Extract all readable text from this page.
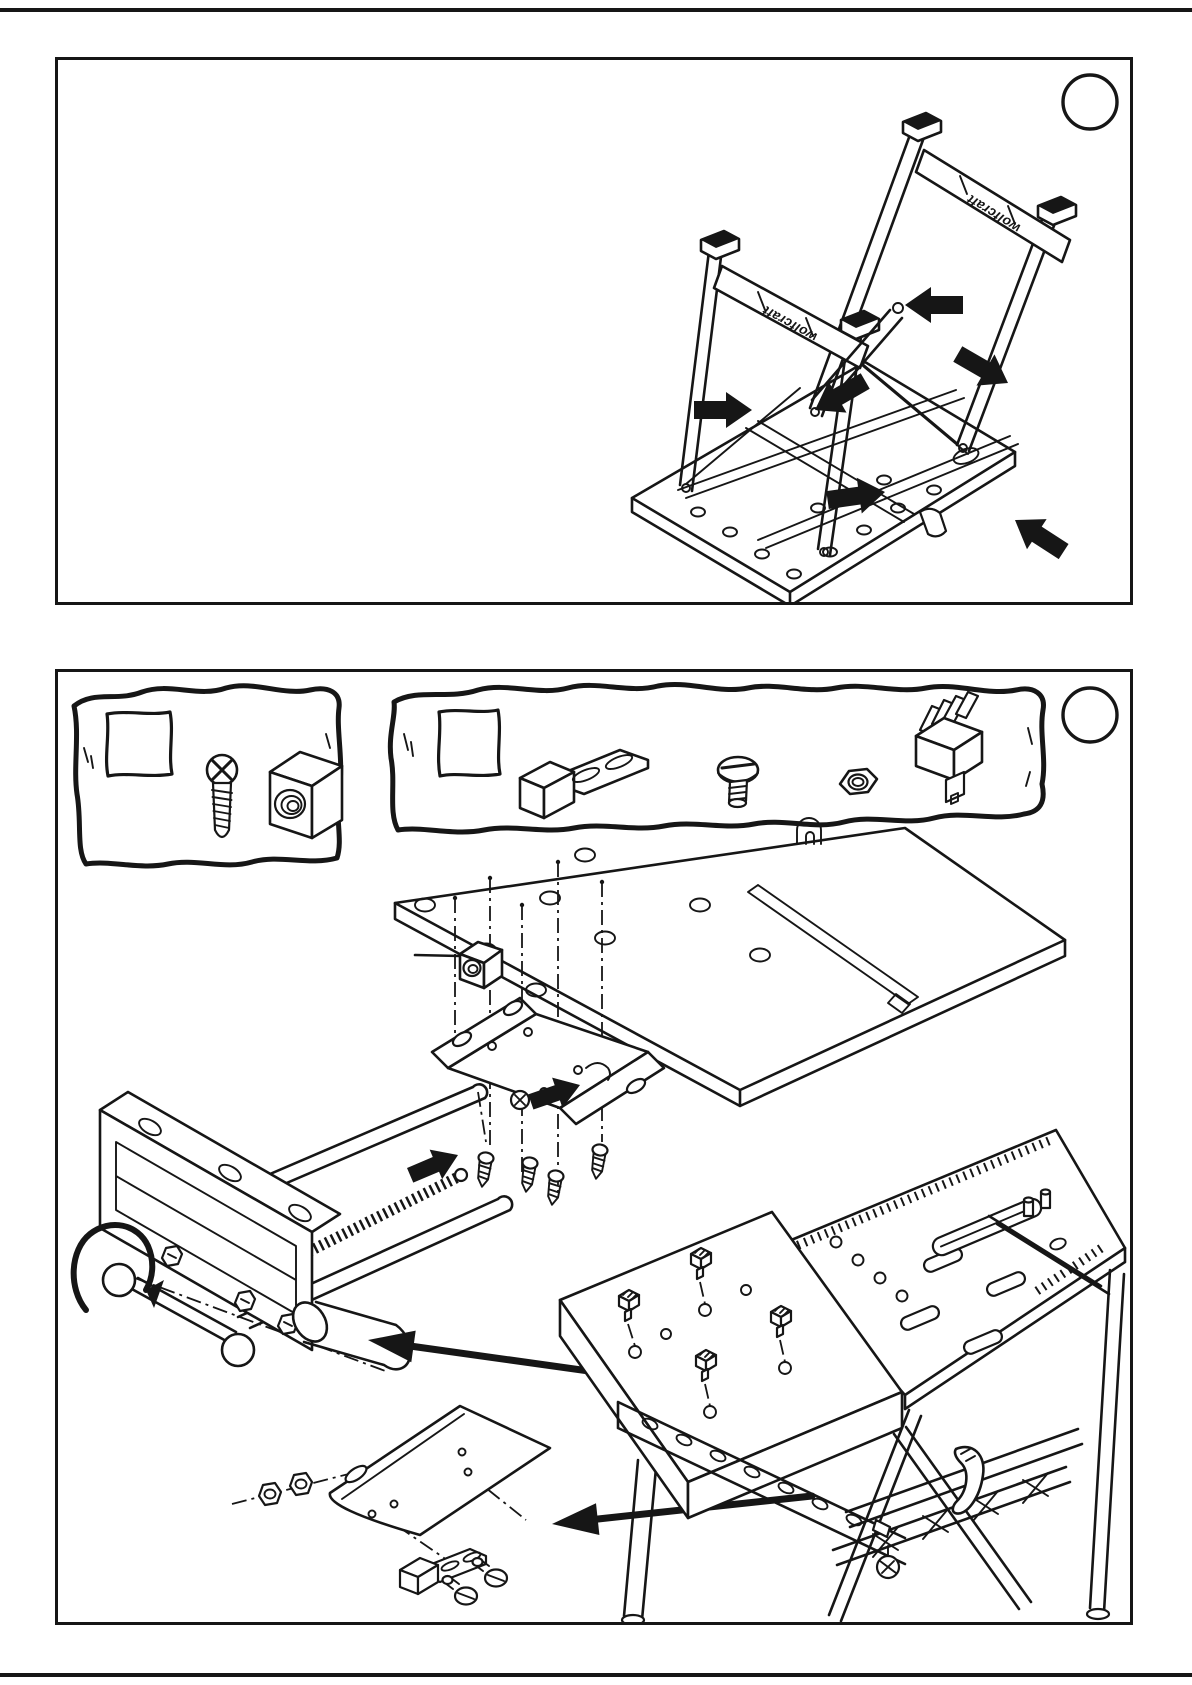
wolfcraft
wolfcraft
